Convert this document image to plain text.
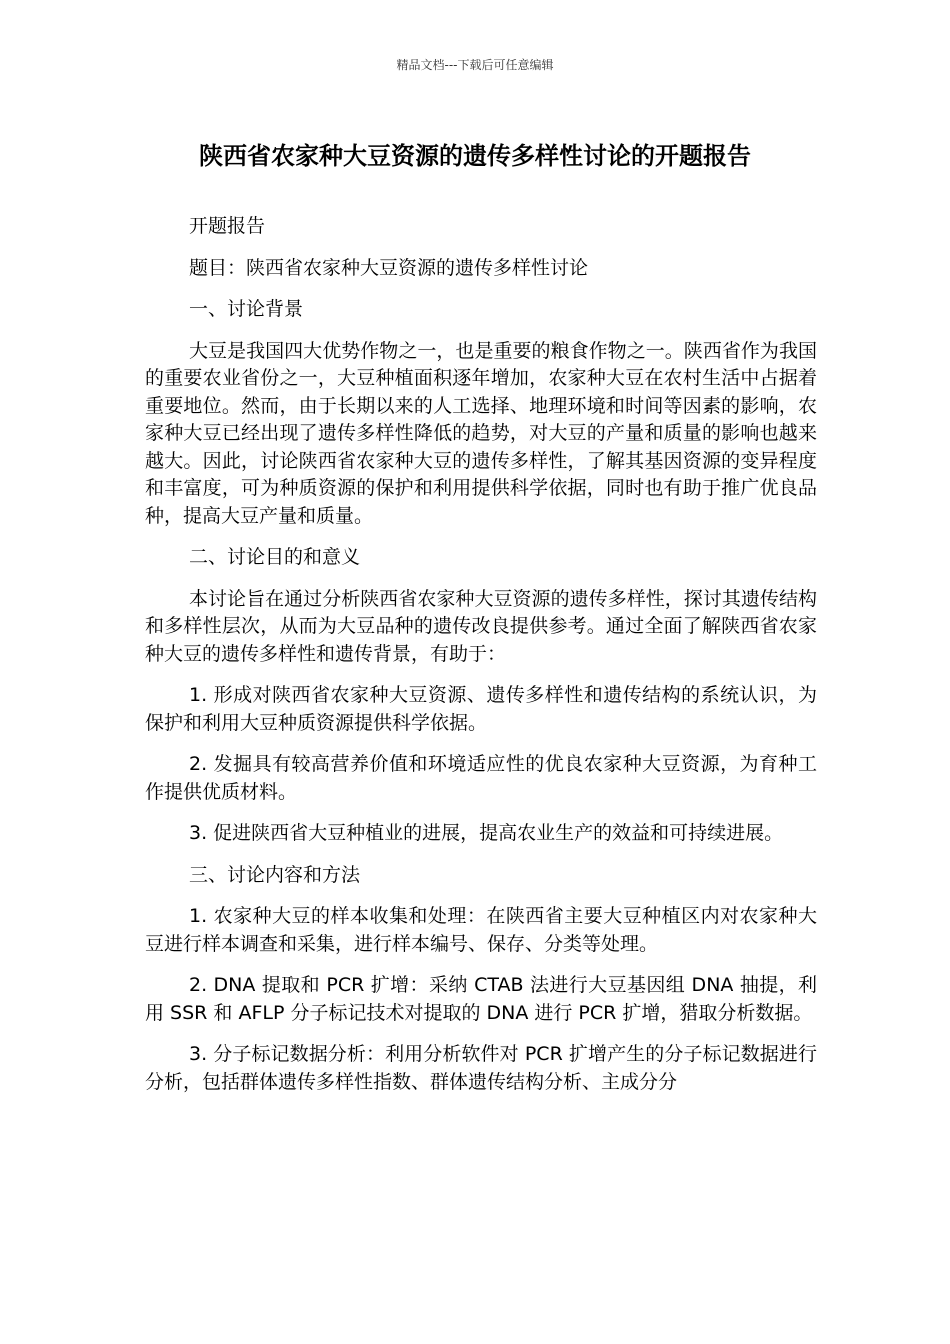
精品文档---下载后可任意编辑
陕西省农家种大豆资源的遗传多样性讨论的开题报告

开题报告

题目：陕西省农家种大豆资源的遗传多样性讨论

一、讨论背景

大豆是我国四大优势作物之一，也是重要的粮食作物之一。陕西省作为我国的重要农业省份之一，大豆种植面积逐年增加，农家种大豆在农村生活中占据着重要地位。然而，由于长期以来的人工选择、地理环境和时间等因素的影响，农家种大豆已经出现了遗传多样性降低的趋势，对大豆的产量和质量的影响也越来越大。因此，讨论陕西省农家种大豆的遗传多样性，了解其基因资源的变异程度和丰富度，可为种质资源的保护和利用提供科学依据，同时也有助于推广优良品种，提高大豆产量和质量。

二、讨论目的和意义

本讨论旨在通过分析陕西省农家种大豆资源的遗传多样性，探讨其遗传结构和多样性层次，从而为大豆品种的遗传改良提供参考。通过全面了解陕西省农家种大豆的遗传多样性和遗传背景，有助于：

1. 形成对陕西省农家种大豆资源、遗传多样性和遗传结构的系统认识，为保护和利用大豆种质资源提供科学依据。

2. 发掘具有较高营养价值和环境适应性的优良农家种大豆资源，为育种工作提供优质材料。

3. 促进陕西省大豆种植业的进展，提高农业生产的效益和可持续进展。

三、讨论内容和方法

1. 农家种大豆的样本收集和处理：在陕西省主要大豆种植区内对农家种大豆进行样本调查和采集，进行样本编号、保存、分类等处理。

2. DNA 提取和 PCR 扩增：采纳 CTAB 法进行大豆基因组 DNA 抽提，利用 SSR 和 AFLP 分子标记技术对提取的 DNA 进行 PCR 扩增，猎取分析数据。

3. 分子标记数据分析：利用分析软件对 PCR 扩增产生的分子标记数据进行分析，包括群体遗传多样性指数、群体遗传结构分析、主成分分
